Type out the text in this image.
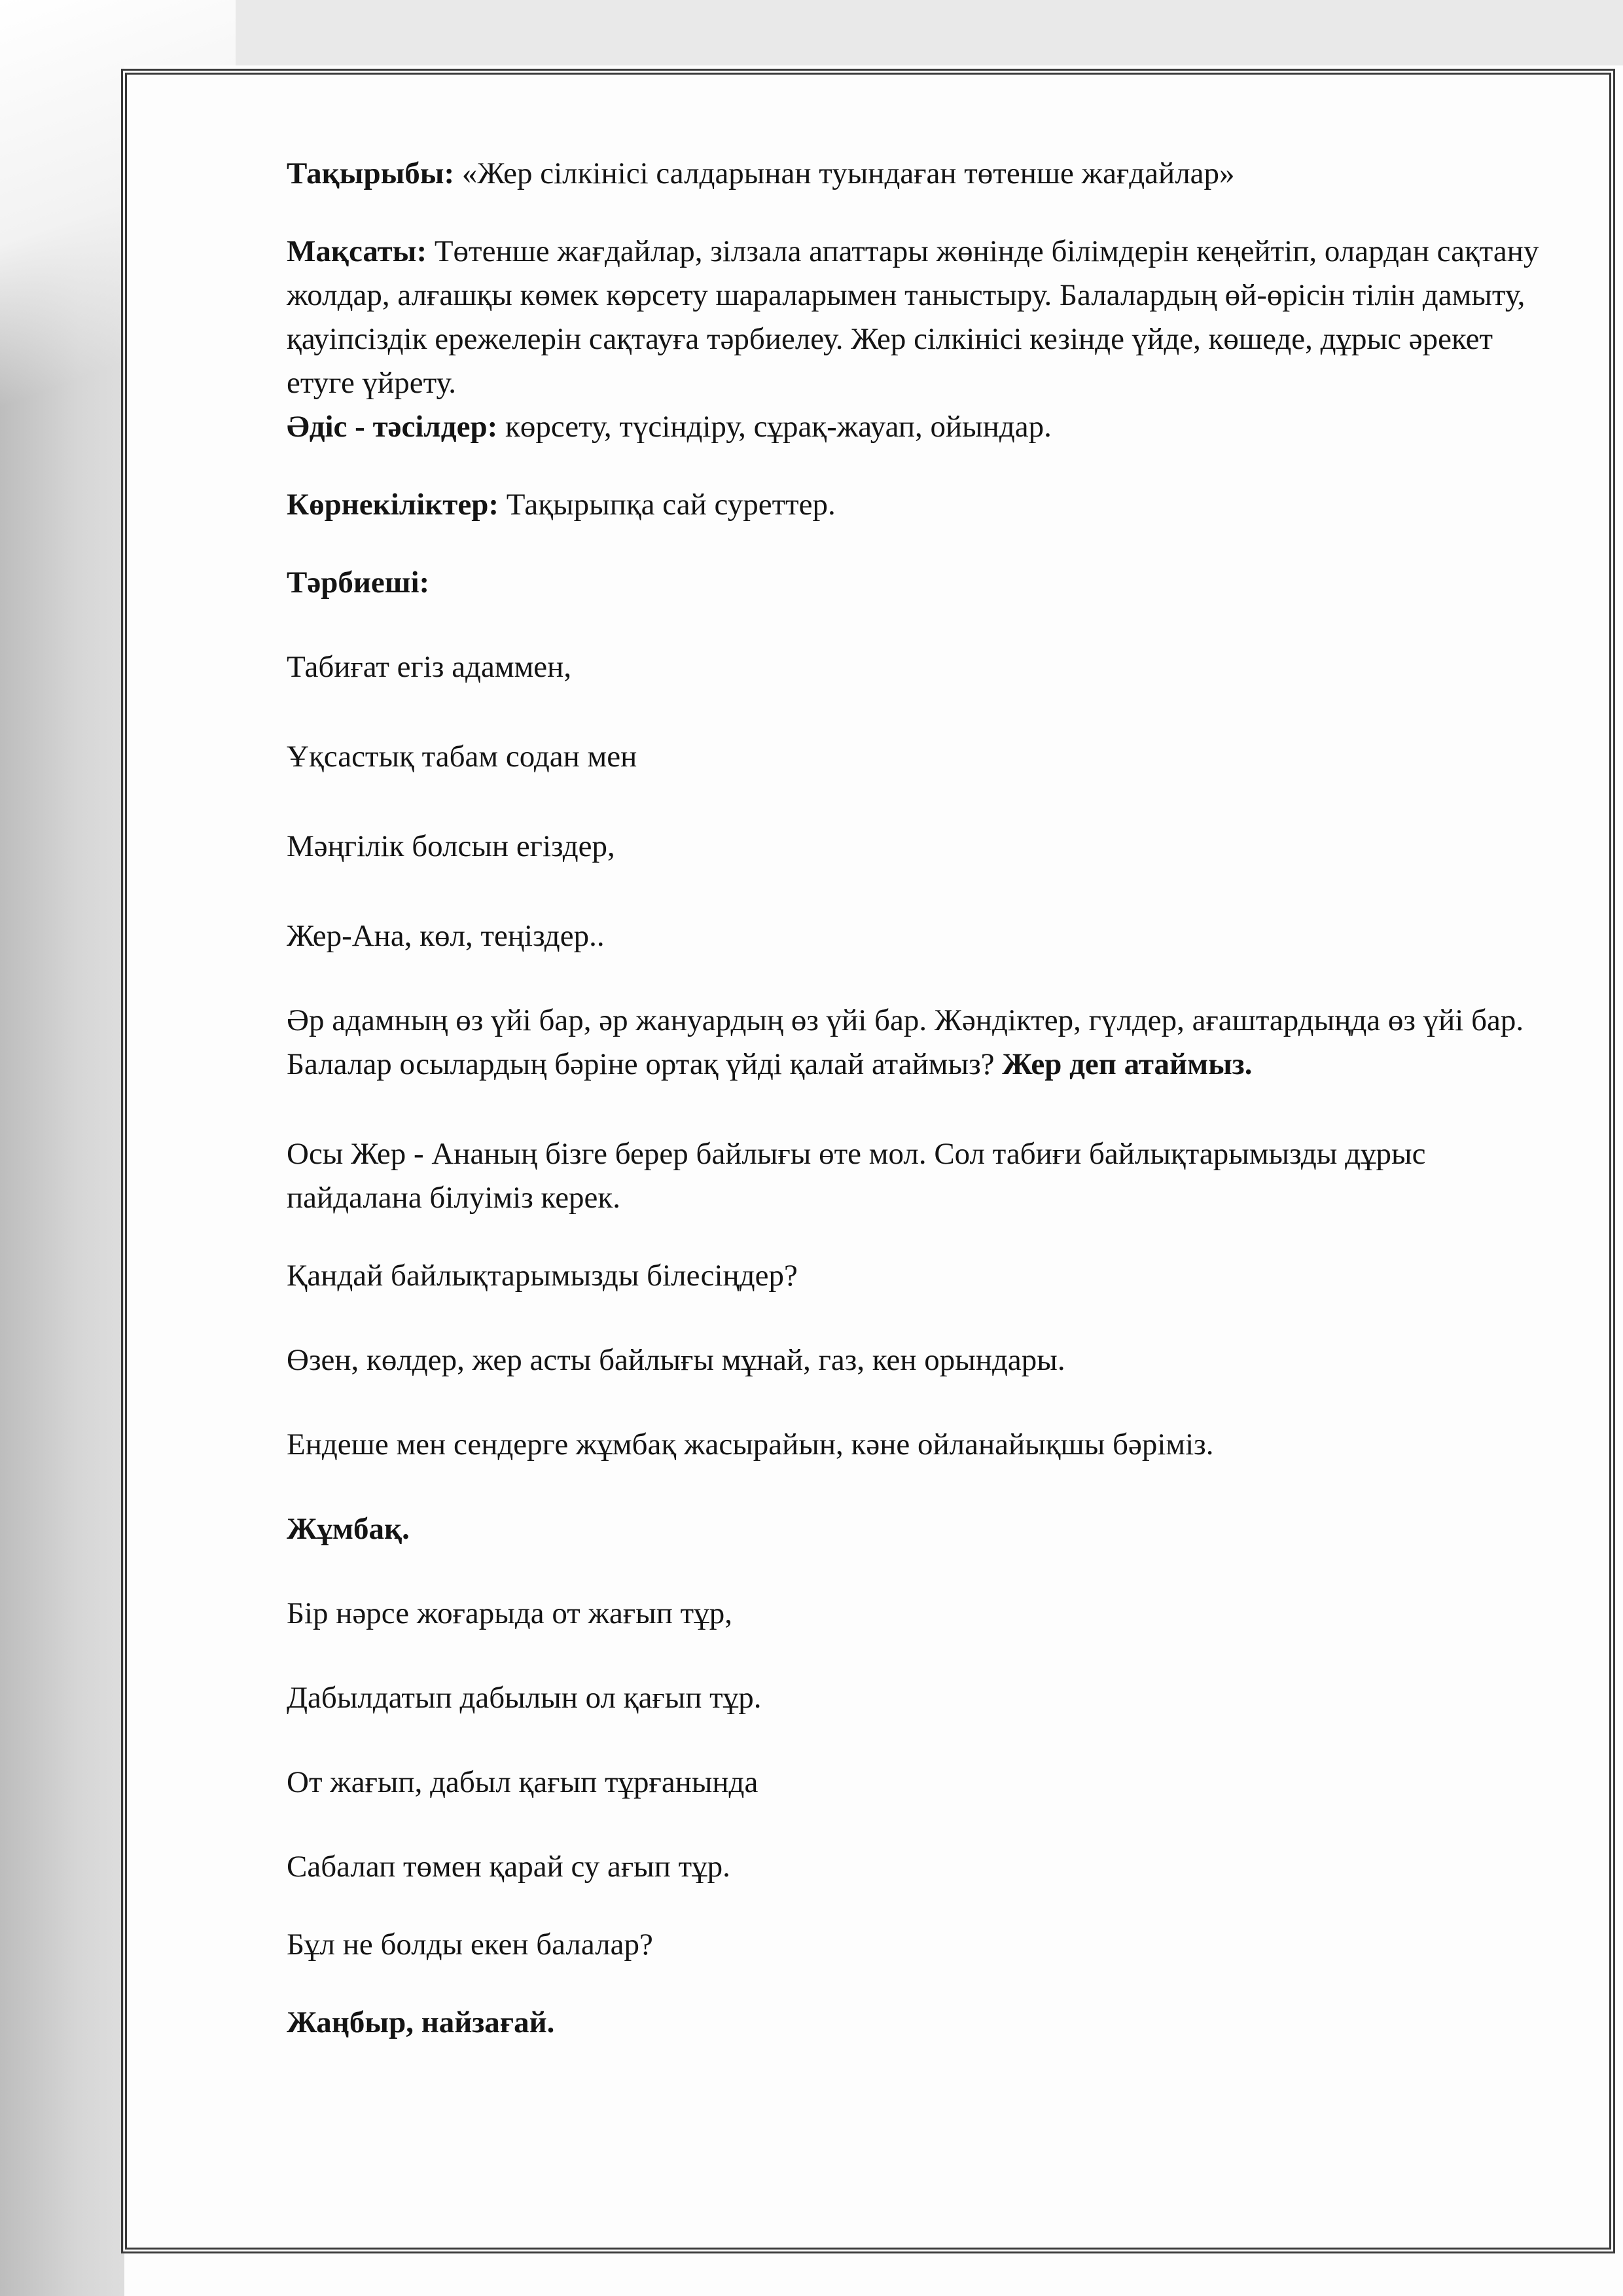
Тақырыбы: «Жер сілкінісі салдарынан туындаған төтенше жағдайлар»

Мақсаты: Төтенше жағдайлар, зілзала апаттары жөнінде білімдерін кеңейтіп, олардан сақтану жолдар, алғашқы көмек көрсету шараларымен таныстыру. Балалардың өй-өрісін тілін дамыту, қауіпсіздік ережелерін сақтауға тәрбиелеу. Жер сілкінісі кезінде үйде, көшеде, дұрыс әрекет етуге үйрету.

Әдіс - тәсілдер: көрсету, түсіндіру, сұрақ-жауап, ойындар.

Көрнекіліктер: Тақырыпқа сай суреттер.

Тәрбиеші:

Табиғат егіз адаммен,

Ұқсастық табам содан мен

Мәңгілік болсын егіздер,

Жер-Ана, көл, теңіздер..

Әр адамның өз үйі бар, әр жануардың өз үйі бар. Жәндіктер, гүлдер, ағаштардыңда өз үйі бар. Балалар осылардың бәріне ортақ үйді қалай атаймыз? Жер деп атаймыз.

Осы Жер - Ананың бізге берер байлығы өте мол. Сол табиғи байлықтарымызды дұрыс пайдалана білуіміз керек.

Қандай байлықтарымызды білесіңдер?

Өзен, көлдер, жер асты байлығы мұнай, газ, кен орындары.

Ендеше мен сендерге жұмбақ жасырайын, кәне ойланайықшы бәріміз.

Жұмбақ.

Бір нәрсе жоғарыда от жағып тұр,

Дабылдатып дабылын ол қағып тұр.

От жағып, дабыл қағып тұрғанында

Сабалап төмен қарай су ағып тұр.

Бұл не болды екен балалар?

Жаңбыр, найзағай.
